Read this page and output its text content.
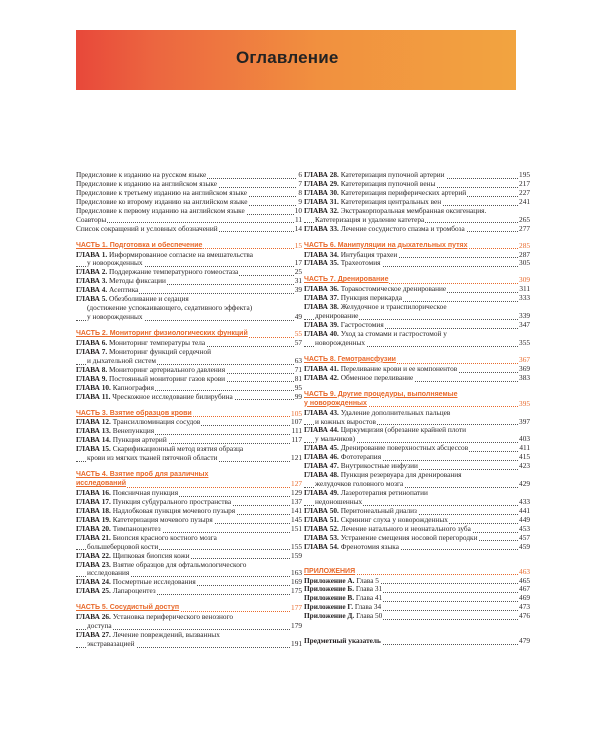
Оглавление
Предисловие к изданию на русском языке	6
Предисловие к изданию на английском языке	7
Предисловие к третьему изданию на английском языке	8
Предисловие ко второму изданию на английском языке	9
Предисловие к первому изданию на английском языке	10
Соавторы	11
Список сокращений и условных обозначений	14
ЧАСТЬ 1. Подготовка и обеспечение	15
ГЛАВА 1. Информированное согласие на вмешательства
у новорожденных	17
ГЛАВА 2. Поддержание температурного гомеостаза	25
ГЛАВА 3. Методы фиксации	31
ГЛАВА 4. Асептика	39
ГЛАВА 5. Обезболивание и седация
(достижение успокаивающего, седативного эффекта)
у новорожденных	49
ЧАСТЬ 2. Мониторинг физиологических функций	55
ГЛАВА 6. Мониторинг температуры тела	57
ГЛАВА 7. Мониторинг функций сердечной
и дыхательной систем	63
ГЛАВА 8. Мониторинг артериального давления	71
ГЛАВА 9. Постоянный мониторинг газов крови	81
ГЛАВА 10. Капнография	95
ГЛАВА 11. Чрескожное исследование билирубина	99
ЧАСТЬ 3. Взятие образцов крови	105
ГЛАВА 12. Трансиллюминация сосудов	107
ГЛАВА 13. Венепункция	111
ГЛАВА 14. Пункция артерий	117
ГЛАВА 15. Скарификационный метод взятия образца
крови из мягких тканей пяточной области	121
ЧАСТЬ 4. Взятие проб для различных
исследований	127
ГЛАВА 16. Поясничная пункция	129
ГЛАВА 17. Пункция субдурального пространства	137
ГЛАВА 18. Надлобковая пункция мочевого пузыря	141
ГЛАВА 19. Катетеризация мочевого пузыря	145
ГЛАВА 20. Тимпаноцентез	151
ГЛАВА 21. Биопсия красного костного мозга
большеберцовой кости	155
ГЛАВА 22. Щипковая биопсия кожи	159
ГЛАВА 23. Взятие образцов для офтальмологического
исследования	163
ГЛАВА 24. Посмертные исследования	169
ГЛАВА 25. Лапароцентез	175
ЧАСТЬ 5. Сосудистый доступ	177
ГЛАВА 26. Установка периферического венозного
доступа	179
ГЛАВА 27. Лечение повреждений, вызванных
экстравазацией	191
ГЛАВА 28. Катетеризация пупочной артерии	195
ГЛАВА 29. Катетеризация пупочной вены	217
ГЛАВА 30. Катетеризация периферических артерий	227
ГЛАВА 31. Катетеризация центральных вен	241
ГЛАВА 32. Экстракорпоральная мембранная оксигенация.
Катетеризация и удаление катетера	265
ГЛАВА 33. Лечение сосудистого спазма и тромбоза	277
ЧАСТЬ 6. Манипуляции на дыхательных путях	285
ГЛАВА 34. Интубация трахеи	287
ГЛАВА 35. Трахеотомия	305
ЧАСТЬ 7. Дренирование	309
ГЛАВА 36. Торакостомическое дренирование	311
ГЛАВА 37. Пункция перикарда	333
ГЛАВА 38. Желудочное и транспилорическое
дренирование	339
ГЛАВА 39. Гастростомия	347
ГЛАВА 40. Уход за стомами и гастростомой у
новорожденных	355
ЧАСТЬ 8. Гемотрансфузии	367
ГЛАВА 41. Переливание крови и ее компонентов	369
ГЛАВА 42. Обменное переливание	383
ЧАСТЬ 9. Другие процедуры, выполняемые
у новорожденных	395
ГЛАВА 43. Удаление дополнительных пальцев
и кожных выростов	397
ГЛАВА 44. Циркумцизия (обрезание крайней плоти
у мальчиков)	403
ГЛАВА 45. Дренирование поверхностных абсцессов	411
ГЛАВА 46. Фототерапия	415
ГЛАВА 47. Внутрикостные инфузии	423
ГЛАВА 48. Пункция резервуара для дренирования
желудочков головного мозга	429
ГЛАВА 49. Лазеротерапия ретинопатии
недоношенных	433
ГЛАВА 50. Перитонеальный диализ	441
ГЛАВА 51. Скрининг слуха у новорожденных	449
ГЛАВА 52. Лечение натального и неонатального зуба	453
ГЛАВА 53. Устранение смещения носовой перегородки	457
ГЛАВА 54. Френотомия языка	459
ПРИЛОЖЕНИЯ	463
Приложение А. Глава 5	465
Приложение Б. Глава 31	467
Приложение В. Глава 41	469
Приложение Г. Глава 34	473
Приложение Д. Глава 50	476
Предметный указатель	479
